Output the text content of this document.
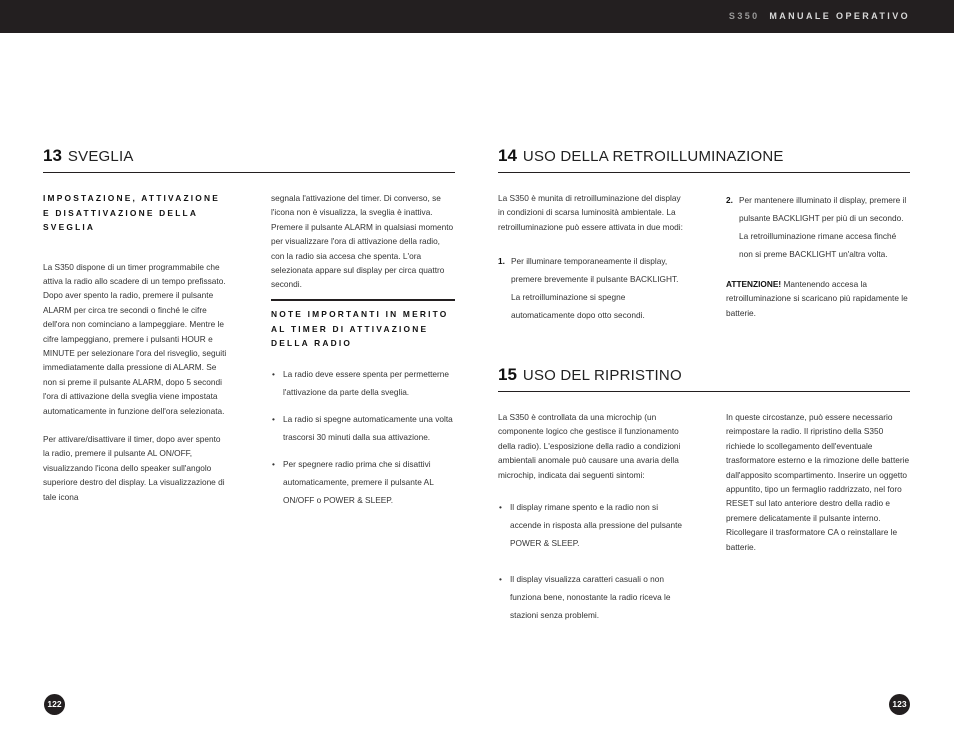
S350 MANUALE OPERATIVO
13 SVEGLIA
IMPOSTAZIONE, ATTIVAZIONE E DISATTIVAZIONE DELLA SVEGLIA

La S350 dispone di un timer programmabile che attiva la radio allo scadere di un tempo prefissato. Dopo aver spento la radio, premere il pulsante ALARM per circa tre secondi o finché le cifre dell'ora non cominciano a lampeggiare. Mentre le cifre lampeggiano, premere i pulsanti HOUR e MINUTE per selezionare l'ora del risveglio, seguiti immediatamente dalla pressione di ALARM. Se non si preme il pulsante ALARM, dopo 5 secondi l'ora di attivazione della sveglia viene impostata automaticamente in funzione dell'ora selezionata.

Per attivare/disattivare il timer, dopo aver spento la radio, premere il pulsante AL ON/OFF, visualizzando l'icona dello speaker sull'angolo superiore destro del display. La visualizzazione di tale icona

segnala l'attivazione del timer. Di converso, se l'icona non è visualizza, la sveglia è inattiva. Premere il pulsante ALARM in qualsiasi momento per visualizzare l'ora di attivazione della radio, con la radio sia accesa che spenta. L'ora selezionata appare sul display per circa quattro secondi.

NOTE IMPORTANTI IN MERITO AL TIMER DI ATTIVAZIONE DELLA RADIO
• La radio deve essere spenta per permetterne l'attivazione da parte della sveglia.
• La radio si spegne automaticamente una volta trascorsi 30 minuti dalla sua attivazione.
• Per spegnere radio prima che si disattivi automaticamente, premere il pulsante AL ON/OFF o POWER & SLEEP.
14 USO DELLA RETROILLUMINAZIONE

La S350 è munita di retroilluminazione del display in condizioni di scarsa luminosità ambientale. La retroilluminazione può essere attivata in due modi:

1. Per illuminare temporaneamente il display, premere brevemente il pulsante BACKLIGHT. La retroilluminazione si spegne automaticamente dopo otto secondi.
2. Per mantenere illuminato il display, premere il pulsante BACKLIGHT per più di un secondo. La retroilluminazione rimane accesa finché non si preme BACKLIGHT un'altra volta.

ATTENZIONE! Mantenendo accesa la retroilluminazione si scaricano più rapidamente le batterie.

15 USO DEL RIPRISTINO

La S350 è controllata da una microchip (un componente logico che gestisce il funzionamento della radio). L'esposizione della radio a condizioni ambientali anomale può causare una avaria della microchip, indicata dai seguenti sintomi:

• Il display rimane spento e la radio non si accende in risposta alla pressione del pulsante POWER & SLEEP.
• Il display visualizza caratteri casuali o non funziona bene, nonostante la radio riceva le stazioni senza problemi.

In queste circostanze, può essere necessario reimpostare la radio. Il ripristino della S350 richiede lo scollegamento dell'eventuale trasformatore esterno e la rimozione delle batterie dall'apposito scompartimento. Inserire un oggetto appuntito, tipo un fermaglio raddrizzato, nel foro RESET sul lato anteriore destro della radio e premere delicatamente il pulsante interno. Ricollegare il trasformatore CA o reinstallare le batterie.

122	123
